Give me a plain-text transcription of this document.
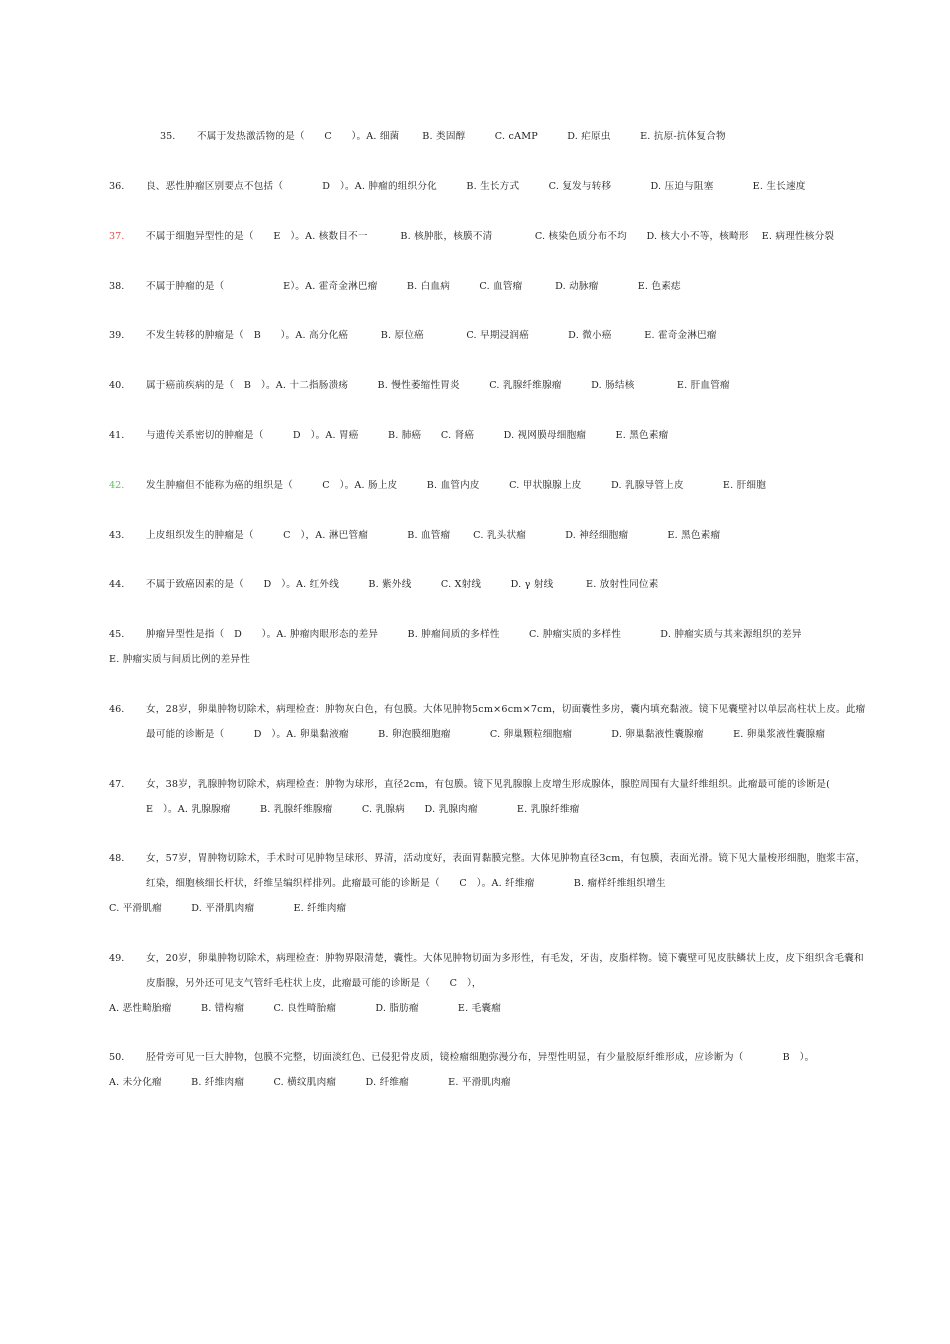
35. 不属于发热激活物的是（　　C　　）。A. 细菌　　 B. 类固醇　　　C. cAMP　　　D. 疟原虫　　　E. 抗原-抗体复合物
36. 良、恶性肿瘤区别要点不包括（　　　　D　）。A. 肿瘤的组织分化　　　B. 生长方式　　　C. 复发与转移　　　　D. 压迫与阻塞　　　　E. 生长速度
37. 不属于细胞异型性的是（　　E　）。A. 核数目不一　　　 B. 核肿胀，核膜不清　　　　 C. 核染色质分布不均　　D. 核大小不等，核畸形　 E. 病理性核分裂
38. 不属于肿瘤的是（　　　　　　E）。A. 霍奇金淋巴瘤　　　B. 白血病　　　C. 血管瘤　　　 D. 动脉瘤　　　　E. 色素痣
39. 不发生转移的肿瘤是（　B　　）。A. 高分化癌　　　 B. 原位癌　　　　 C. 早期浸润癌　　　　D. 微小癌　　　 E. 霍奇金淋巴瘤
40. 属于癌前疾病的是（　B　）。A. 十二指肠溃疡　　　B. 慢性萎缩性胃炎　　　C. 乳腺纤维腺瘤　　　D. 肠结核　　　　 E. 肝血管瘤
41. 与遗传关系密切的肿瘤是（　　　D　）。A. 胃癌　　　B. 肺癌　　C. 肾癌　　　D. 视网膜母细胞瘤　　　E. 黑色素瘤
42. 发生肿瘤但不能称为癌的组织是（　　　C　）。A. 肠上皮　　　B. 血管内皮　　　C. 甲状腺腺上皮　　　D. 乳腺导管上皮　　　　E. 肝细胞
43. 上皮组织发生的肿瘤是（　　　C　），A. 淋巴管瘤　　　　B. 血管瘤　　 C. 乳头状瘤　　　　D. 神经细胞瘤　　　　E. 黑色素瘤
44. 不属于致癌因素的是（　　D　）。A. 红外线　　　B. 紫外线　　　C. X射线　　　D. γ 射线　　　 E. 放射性同位素
45. 肿瘤异型性是指（　D　　）。A. 肿瘤肉眼形态的差异　　　B. 肿瘤间质的多样性　　　C. 肿瘤实质的多样性　　　　D. 肿瘤实质与其来源组织的差异
E. 肿瘤实质与间质比例的差异性
46. 女，28岁，卵巢肿物切除术，病理检查：肿物灰白色，有包膜。大体见肿物5cm×6cm×7cm，切面囊性多房，囊内填充黏液。镜下见囊壁衬以单层高柱状上皮。此瘤
最可能的诊断是（　　　D　）。A. 卵巢黏液瘤　　　B. 卵泡膜细胞瘤　　　　C. 卵巢颗粒细胞瘤　　　　D. 卵巢黏液性囊腺瘤　　　E. 卵巢浆液性囊腺瘤
47. 女，38岁，乳腺肿物切除术，病理检查：肿物为球形，直径2cm，有包膜。镜下见乳腺腺上皮增生形成腺体，腺腔周围有大量纤维组织。此瘤最可能的诊断是(
E　）。A. 乳腺腺瘤　　　B. 乳腺纤维腺瘤　　　C. 乳腺病　　D. 乳腺肉瘤　　　　E. 乳腺纤维瘤
48. 女，57岁，胃肿物切除术，手术时可见肿物呈球形、界清，活动度好，表面胃黏膜完整。大体见肿物直径3cm，有包膜，表面光滑。镜下见大量梭形细胞，胞浆丰富，
红染，细胞核细长杆状，纤维呈编织样排列。此瘤最可能的诊断是（　　C　）。A. 纤维瘤　　　　B. 瘤样纤维组织增生
C. 平滑肌瘤　　　D. 平滑肌肉瘤　　　　E. 纤维肉瘤
49. 女，20岁，卵巢肿物切除术，病理检查：肿物界限清楚，囊性。大体见肿物切面为多形性，有毛发，牙齿，皮脂样物。镜下囊壁可见皮肤鳞状上皮，皮下组织含毛囊和
皮脂腺，另外还可见支气管纤毛柱状上皮，此瘤最可能的诊断是（　　C　），
A. 恶性畸胎瘤　　　B. 错构瘤　　　C. 良性畸胎瘤　　　　D. 脂肪瘤　　　　E. 毛囊瘤
50. 胫骨旁可见一巨大肿物，包膜不完整，切面淡红色、已侵犯骨皮质，镜检瘤细胞弥漫分布，异型性明显，有少量胶原纤维形成，应诊断为（　　　　B　）。
A. 未分化瘤　　　B. 纤维肉瘤　　　C. 横纹肌肉瘤　　　D. 纤维瘤　　　　E. 平滑肌肉瘤
